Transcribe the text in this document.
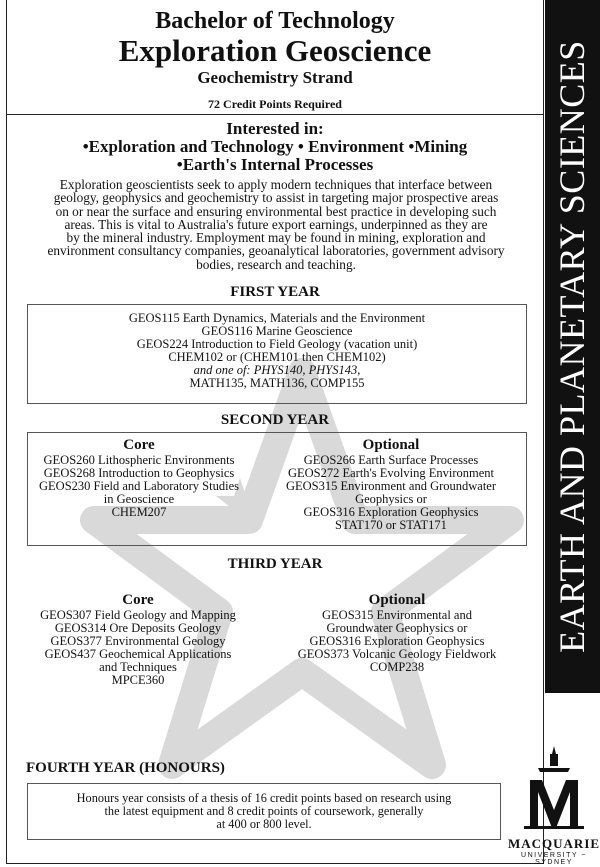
EARTH AND PLANETARY SCIENCES
Bachelor of Technology
Exploration Geoscience
Geochemistry Strand
72 Credit Points Required
Interested in:
•Exploration and Technology • Environment •Mining
•Earth's Internal Processes
Exploration geoscientists seek to apply modern techniques that interface between
geology, geophysics and geochemistry to assist in targeting major prospective areas
on or near the surface and ensuring environmental best practice in developing such
areas. This is vital to Australia's future export earnings, underpinned as they are
by the mineral industry. Employment may be found in mining, exploration and
environment consultancy companies, geoanalytical laboratories, government advisory
bodies, research and teaching.
FIRST YEAR
GEOS115 Earth Dynamics, Materials and the Environment
GEOS116 Marine Geoscience
GEOS224 Introduction to Field Geology (vacation unit)
CHEM102 or (CHEM101 then CHEM102)
and one of: PHYS140, PHYS143,
MATH135, MATH136, COMP155
SECOND YEAR
Core
GEOS260 Lithospheric Environments
GEOS268 Introduction to Geophysics
GEOS230 Field and Laboratory Studies
in Geoscience
CHEM207
Optional
GEOS266 Earth Surface Processes
GEOS272 Earth's Evolving Environment
GEOS315 Environment and Groundwater
Geophysics or
GEOS316 Exploration Geophysics
STAT170 or STAT171
THIRD YEAR
Core
GEOS307 Field Geology and Mapping
GEOS314 Ore Deposits Geology
GEOS377 Environmental Geology
GEOS437 Geochemical Applications
and Techniques
MPCE360
Optional
GEOS315 Environmental and
Groundwater Geophysics or
GEOS316 Exploration Geophysics
GEOS373 Volcanic Geology Fieldwork
COMP238
FOURTH YEAR (HONOURS)
Honours year consists of a thesis of 16 credit points based on research using
the latest equipment and 8 credit points of coursework, generally
at 400 or 800 level.
MACQUARIE
UNIVERSITY ~ SYDNEY
